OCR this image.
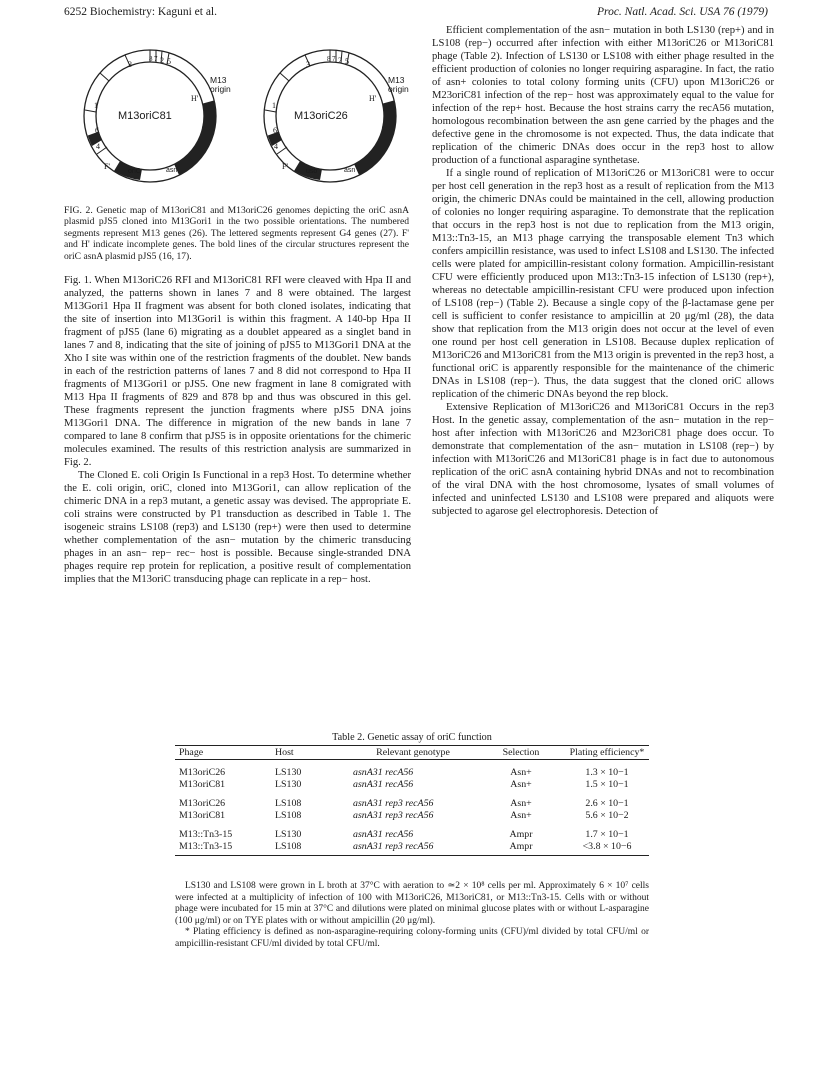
6252 Biochemistry: Kaguni et al.	Proc. Natl. Acad. Sci. USA 76 (1979)
M13oriC81
M13 origin
3	2
8 7 5
1
6
4
F'
oriC	asn
H'
M13oriC26
M13 origin
3	2
8 7 5
1
6
4
F'
uso	asn
H'
FIG. 2. Genetic map of M13oriC81 and M13oriC26 genomes depicting the oriC asnA plasmid pJS5 cloned into M13Gori1 in the two possible orientations. The numbered segments represent M13 genes (26). The lettered segments represent G4 genes (27). F' and H' indicate incomplete genes. The bold lines of the circular structures represent the oriC asnA plasmid pJS5 (16, 17).

Fig. 1. When M13oriC26 RFI and M13oriC81 RFI were cleaved with Hpa II and analyzed, the patterns shown in lanes 7 and 8 were obtained. The largest M13Gori1 Hpa II fragment was absent for both cloned isolates, indicating that the site of insertion into M13Gori1 is within this fragment. A 140-bp Hpa II fragment of pJS5 (lane 6) migrating as a doublet appeared as a singlet band in lanes 7 and 8, indicating that the site of joining of pJS5 to M13Gori1 DNA at the Xho I site was within one of the restriction fragments of the doublet. New bands in each of the restriction patterns of lanes 7 and 8 did not correspond to Hpa II fragments of M13Gori1 or pJS5. One new fragment in lane 8 comigrated with M13 Hpa II fragments of 829 and 878 bp and thus was obscured in this gel. These fragments represent the junction fragments where pJS5 DNA joins M13Gori1 DNA. The difference in migration of the new bands in lane 7 compared to lane 8 confirm that pJS5 is in opposite orientations for the chimeric molecules examined. The results of this restriction analysis are summarized in Fig. 2.

The Cloned E. coli Origin Is Functional in a rep3 Host. To determine whether the E. coli origin, oriC, cloned into M13Gori1, can allow replication of the chimeric DNA in a rep3 mutant, a genetic assay was devised. The appropriate E. coli strains were constructed by P1 transduction as described in Table 1. The isogeneic strains LS108 (rep3) and LS130 (rep+) were then used to determine whether complementation of the asn− mutation by the chimeric transducing phages in an asn− rep− rec− host is possible. Because single-stranded DNA phages require rep protein for replication, a positive result of complementation implies that the M13oriC transducing phage can replicate in a rep− host.

Efficient complementation of the asn− mutation in both LS130 (rep+) and in LS108 (rep−) occurred after infection with either M13oriC26 or M13oriC81 phage (Table 2). Infection of LS130 or LS108 with either phage resulted in the efficient production of colonies no longer requiring asparagine. In fact, the ratio of asn+ colonies to total colony forming units (CFU) upon M13oriC26 or M23oriC81 infection of the rep− host was approximately equal to the value for infection of the rep+ host. Because the host strains carry the recA56 mutation, homologous recombination between the asn gene carried by the phages and the defective gene in the chromosome is not expected. Thus, the data indicate that replication of the chimeric DNAs does occur in the rep3 host to allow production of a functional asparagine synthetase.

If a single round of replication of M13oriC26 or M13oriC81 were to occur per host cell generation in the rep3 host as a result of replication from the M13 origin, the chimeric DNAs could be maintained in the cell, allowing production of colonies no longer requiring asparagine. To demonstrate that the replication that occurs in the rep3 host is not due to replication from the M13 origin, M13::Tn3-15, an M13 phage carrying the transposable element Tn3 which confers ampicillin resistance, was used to infect LS108 and LS130. The infected cells were plated for ampicillin-resistant colony formation. Ampicillin-resistant CFU were efficiently produced upon M13::Tn3-15 infection of LS130 (rep+), whereas no detectable ampicillin-resistant CFU were produced upon infection of LS108 (rep−) (Table 2). Because a single copy of the β-lactamase gene per cell is sufficient to confer resistance to ampicillin at 20 μg/ml (28), the data show that replication from the M13 origin does not occur at the level of even one round per host cell generation in LS108. Because duplex replication of M13oriC26 and M13oriC81 from the M13 origin is prevented in the rep3 host, a functional oriC is apparently responsible for the maintenance of the chimeric DNAs in LS108 (rep−). Thus, the data suggest that the cloned oriC allows replication of the chimeric DNAs beyond the rep block.

Extensive Replication of M13oriC26 and M13oriC81 Occurs in the rep3 Host. In the genetic assay, complementation of the asn− mutation in the rep− host after infection with M13oriC26 and M23oriC81 phage does occur. To demonstrate that complementation of the asn− mutation in LS108 (rep−) by infection with M13oriC26 and M13oriC81 phage is in fact due to autonomous replication of the oriC asnA containing hybrid DNAs and not to recombination of the viral DNA with the host chromosome, lysates of small volumes of infected and uninfected LS130 and LS108 were prepared and aliquots were subjected to agarose gel electrophoresis. Detection of

Table 2. Genetic assay of oriC function
Phage	Host	Relevant genotype	Selection	Plating efficiency*

M13oriC26	LS130	asnA31 recA56	Asn+	1.3 × 10−1
M13oriC81	LS130	asnA31 recA56	Asn+	1.5 × 10−1
M13oriC26	LS108	asnA31 rep3 recA56	Asn+	2.6 × 10−1
M13oriC81	LS108	asnA31 rep3 recA56	Asn+	5.6 × 10−2
M13::Tn3-15	LS130	asnA31 recA56	Ampr	1.7 × 10−1
M13::Tn3-15	LS108	asnA31 rep3 recA56	Ampr	<3.8 × 10−6

LS130 and LS108 were grown in L broth at 37°C with aeration to ≃2 × 10⁸ cells per ml. Approximately 6 × 10⁷ cells were infected at a multiplicity of infection of 100 with M13oriC26, M13oriC81, or M13::Tn3-15. Cells with or without phage were incubated for 15 min at 37°C and dilutions were plated on minimal glucose plates with or without L-asparagine (100 μg/ml) or on TYE plates with or without ampicillin (20 μg/ml).

* Plating efficiency is defined as non-asparagine-requiring colony-forming units (CFU)/ml divided by total CFU/ml or ampicillin-resistant CFU/ml divided by total CFU/ml.
